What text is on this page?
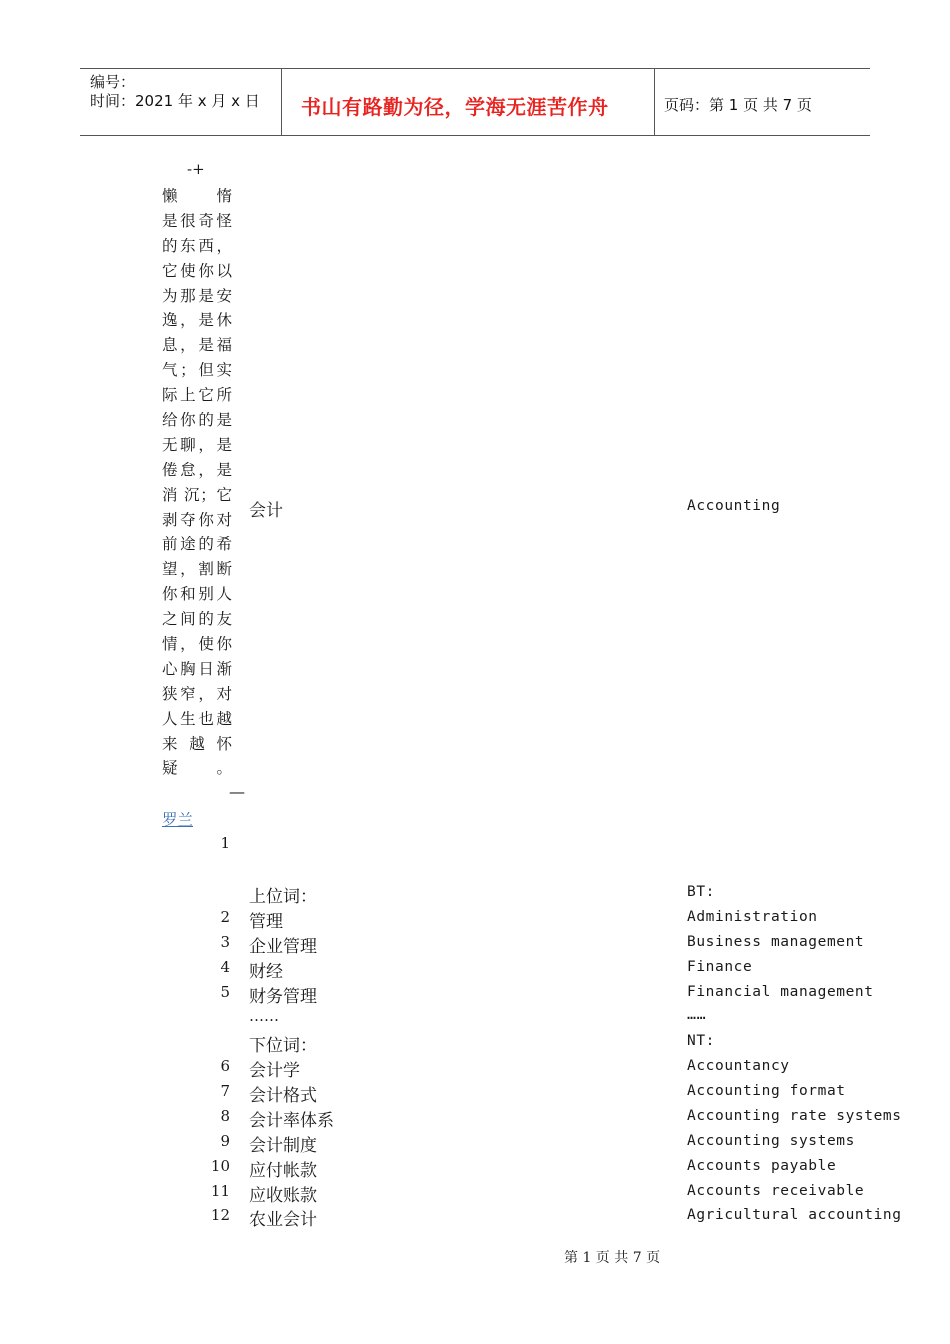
编号：
时间：2021 年 x 月 x 日 书山有路勤为径，学海无涯苦作舟	页码：第 1 页 共 7 页
-+
懒 惰
是很奇怪
的东西，
它使你以
为那是安
逸，是休
息，是福
气；但实
际上它所
给你的是
无聊，是
倦怠，是
消 沉；它
剥夺你对
前途的希
望，割断
你和别人
之间的友
情，使你
心胸日渐
狭窄，对
人生也越
来 越 怀
疑。
—
罗兰
会计	Accounting
1
上位词：	BT:
2 管理	Administration
3 企业管理	Business management
4 财经	Finance
5 财务管理	Financial management
……	……
下位词：	NT:
6 会计学	Accountancy
7 会计格式	Accounting format
8 会计率体系	Accounting rate systems
9 会计制度	Accounting systems
10 应付帐款	Accounts payable
11 应收账款	Accounts receivable
12 农业会计	Agricultural accounting
第 1 页 共 7 页
